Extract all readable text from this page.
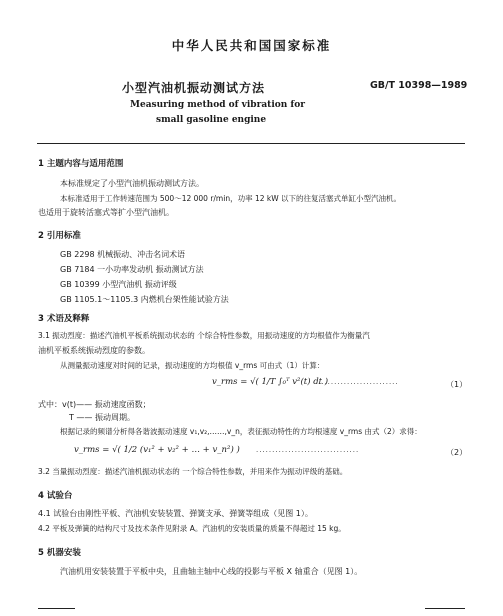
中华人民共和国国家标准
小型汽油机振动测试方法	GB/T 10398—1989
Measuring method of vibration for
small gasoline engine
1 主题内容与适用范围
本标准规定了小型汽油机振动测试方法。
本标准适用于工作转速范围为 500～12 000 r/min，功率 12 kW 以下的往复活塞式单缸小型汽油机。
也适用于旋转活塞式等扩小型汽油机。
2 引用标准
GB 2298 机械振动、冲击名词术语
GB 7184 一小功率发动机 振动测试方法
GB 10399 小型汽油机 振动评级
GB 1105.1～1105.3 内燃机台架性能试验方法
3 术语及释释
3.1 振动烈度：描述汽油机平板系统振动状态的 个综合特性参数，用振动速度的方均根值作为衡量汽
油机平板系统振动烈度的参数。
从测量振动速度对时间的记录，振动速度的方均根值 v_rms 可由式（1）计算：
v_rms = √( 1/T ∫₀ᵀ v²(t) dt )
·························	（1）
式中：v(t)—— 振动速度函数；
T —— 振动周期。
根据记录的频谱分析得各谐波振动速度 v₁,v₂,……,v_n，表征振动特性的方均根速度 v_rms 由式（2）求得：
v_rms = √( 1/2 (v₁² + v₂² + … + v_n²) ) ································	（2）
3.2 当量振动烈度：描述汽油机振动状态的 一个综合特性参数，并用来作为振动评级的基础。
4 试验台
4.1 试验台由刚性平板、汽油机安装装置、弹簧支承、弹簧等组成（见图 1）。
4.2 平板及弹簧的结构尺寸及技术条件见附录 A。汽油机的安装质量的质量不得超过 15 kg。
5 机器安装
汽油机用安装装置于平板中央，且曲轴主轴中心线的投影与平板 X 轴重合（见图 1）。
